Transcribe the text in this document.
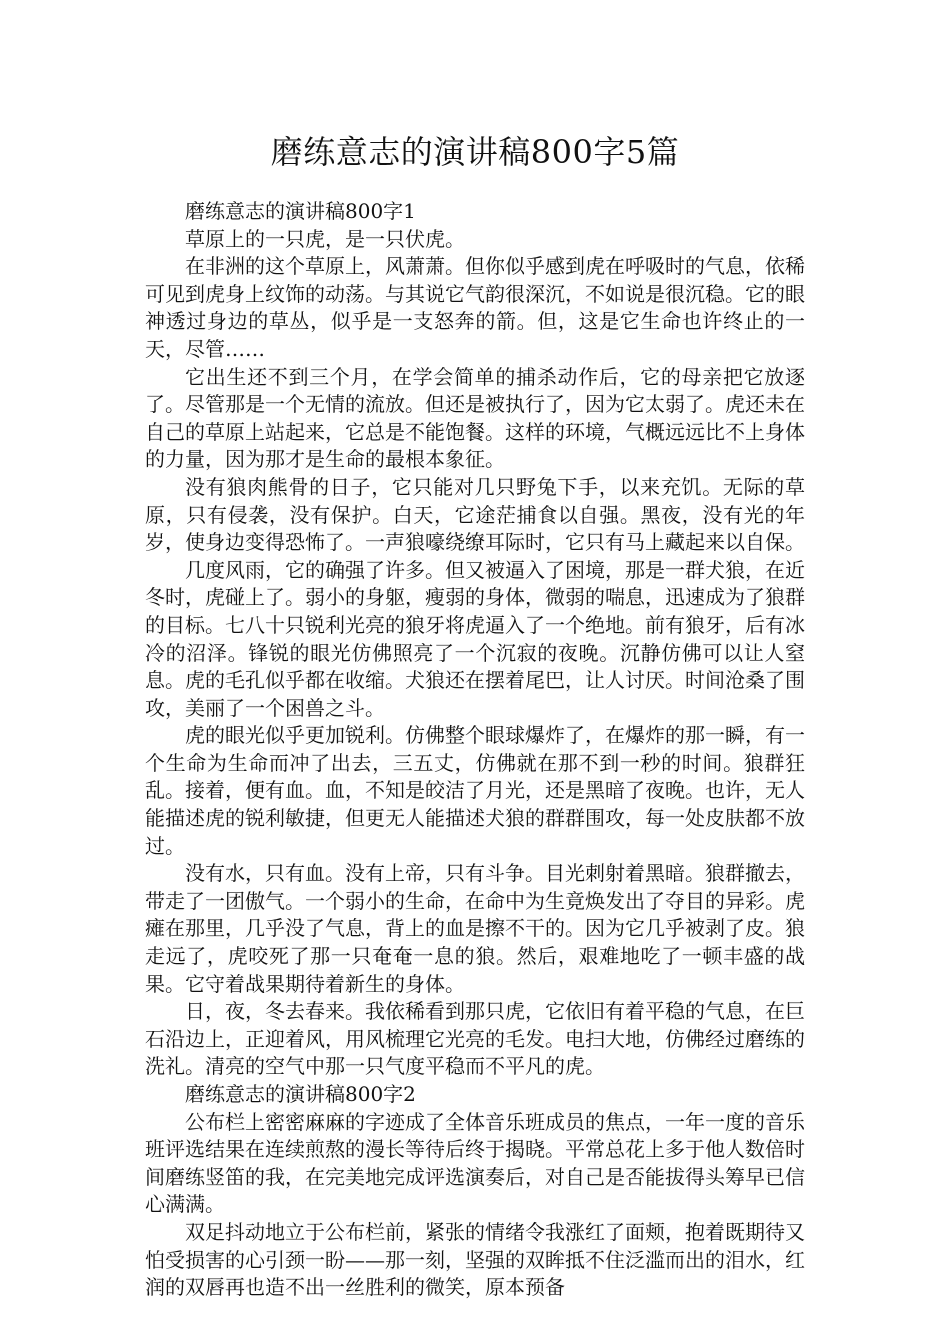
磨练意志的演讲稿800字5篇

磨练意志的演讲稿800字1

草原上的一只虎，是一只伏虎。

在非洲的这个草原上，风萧萧。但你似乎感到虎在呼吸时的气息，依稀可见到虎身上纹饰的动荡。与其说它气韵很深沉，不如说是很沉稳。它的眼神透过身边的草丛，似乎是一支怒奔的箭。但，这是它生命也许终止的一天，尽管……

它出生还不到三个月，在学会简单的捕杀动作后，它的母亲把它放逐了。尽管那是一个无情的流放。但还是被执行了，因为它太弱了。虎还未在自己的草原上站起来，它总是不能饱餐。这样的环境，气概远远比不上身体的力量，因为那才是生命的最根本象征。

没有狼肉熊骨的日子，它只能对几只野兔下手，以来充饥。无际的草原，只有侵袭，没有保护。白天，它途茫捕食以自强。黑夜，没有光的年岁，使身边变得恐怖了。一声狼嚎绕缭耳际时，它只有马上藏起来以自保。

几度风雨，它的确强了许多。但又被逼入了困境，那是一群犬狼，在近冬时，虎碰上了。弱小的身躯，瘦弱的身体，微弱的喘息，迅速成为了狼群的目标。七八十只锐利光亮的狼牙将虎逼入了一个绝地。前有狼牙，后有冰冷的沼泽。锋锐的眼光仿佛照亮了一个沉寂的夜晚。沉静仿佛可以让人窒息。虎的毛孔似乎都在收缩。犬狼还在摆着尾巴，让人讨厌。时间沧桑了围攻，美丽了一个困兽之斗。

虎的眼光似乎更加锐利。仿佛整个眼球爆炸了，在爆炸的那一瞬，有一个生命为生命而冲了出去，三五丈，仿佛就在那不到一秒的时间。狼群狂乱。接着，便有血。血，不知是皎洁了月光，还是黑暗了夜晚。也许，无人能描述虎的锐利敏捷，但更无人能描述犬狼的群群围攻，每一处皮肤都不放过。

没有水，只有血。没有上帝，只有斗争。目光刺射着黑暗。狼群撤去，带走了一团傲气。一个弱小的生命，在命中为生竟焕发出了夺目的异彩。虎瘫在那里，几乎没了气息，背上的血是擦不干的。因为它几乎被剥了皮。狼走远了，虎咬死了那一只奄奄一息的狼。然后，艰难地吃了一顿丰盛的战果。它守着战果期待着新生的身体。

日，夜，冬去春来。我依稀看到那只虎，它依旧有着平稳的气息，在巨石沿边上，正迎着风，用风梳理它光亮的毛发。电扫大地，仿佛经过磨练的洗礼。清亮的空气中那一只气度平稳而不平凡的虎。

磨练意志的演讲稿800字2

公布栏上密密麻麻的字迹成了全体音乐班成员的焦点，一年一度的音乐班评选结果在连续煎熬的漫长等待后终于揭晓。平常总花上多于他人数倍时间磨练竖笛的我，在完美地完成评选演奏后，对自己是否能拔得头筹早已信心满满。

双足抖动地立于公布栏前，紧张的情绪令我涨红了面颊，抱着既期待又怕受损害的心引颈一盼——那一刻，坚强的双眸抵不住泛滥而出的泪水，红润的双唇再也造不出一丝胜利的微笑，原本预备
